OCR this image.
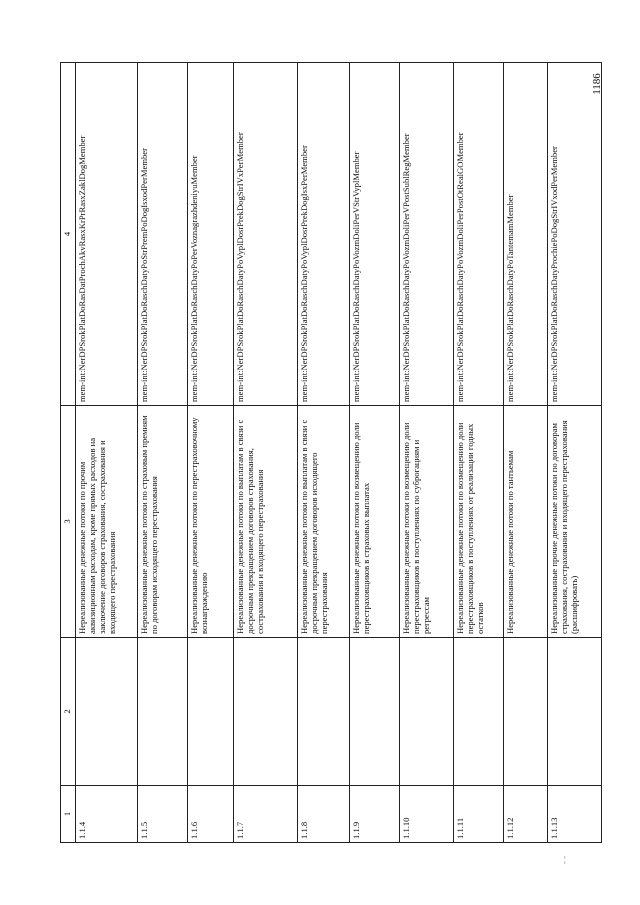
1186
1	2	3	4
1.1.4		Нереализованные денежные потоки по прочим аквизиционным расходам, кроме прямых расходов на заключение договоров страхования, сострахования и входящего перестрахования	mem-int:NerDPSrokPlatDoRasDatProchAkvRasxKrPrRasxZaklDogMember
1.1.5		Нереализованные денежные потоки по страховым премиям по договорам исходящего перестрахования	mem-int:NerDPSrokPlatDoRaschDatyPoStrPremPoDogIsxodPerMember
1.1.6		Нереализованные денежные потоки по перестраховочному вознаграждению	mem-int:NerDPSrokPlatDoRaschDatyPoPerVoznagrazhdeniyuMember
1.1.7		Нереализованные денежные потоки по выплатам в связи с досрочным прекращением договоров страхования, сострахования и входящего перестрахования	mem-int:NerDPSrokPlatDoRaschDatyPoVyplDosrPrekDogStrIVxPerMember
1.1.8		Нереализованные денежные потоки по выплатам в связи с досрочным прекращением договоров исходящего перестрахования	mem-int:NerDPSrokPlatDoRaschDatyPoVyplDosrPrekDogIsxPerMember
1.1.9		Нереализованные денежные потоки по возмещению доли перестраховщиков в страховых выплатах	mem-int:NerDPSrokPlatDoRaschDatyPoVozmDoliPerVStrVyplMember
1.1.10		Нереализованные денежные потоки по возмещению доли перестраховщиков в поступлениях по суброгациям и регрессам	mem-int:NerDPSrokPlatDoRaschDatyPoVozmDoliPerVPostSublRegMember
1.1.11		Нереализованные денежные потоки по возмещению доли перестраховщиков в поступлениях от реализации годных остатков	mem-int:NerDPSrokPlatDoRaschDatyPoVozmDoliPerPostOtRealGOMember
1.1.12		Нереализованные денежные потоки по тантьемам	mem-int:NerDPSrokPlatDoRaschDatyPoTantemamMember
1.1.13		Нереализованные прочие денежные потоки по договорам страхования, сострахования и входящего перестрахования (расшифровать)	mem-int:NerDPSrokPlatDoRaschDatyProchiePoDogStrIVxodPerMember
- -
